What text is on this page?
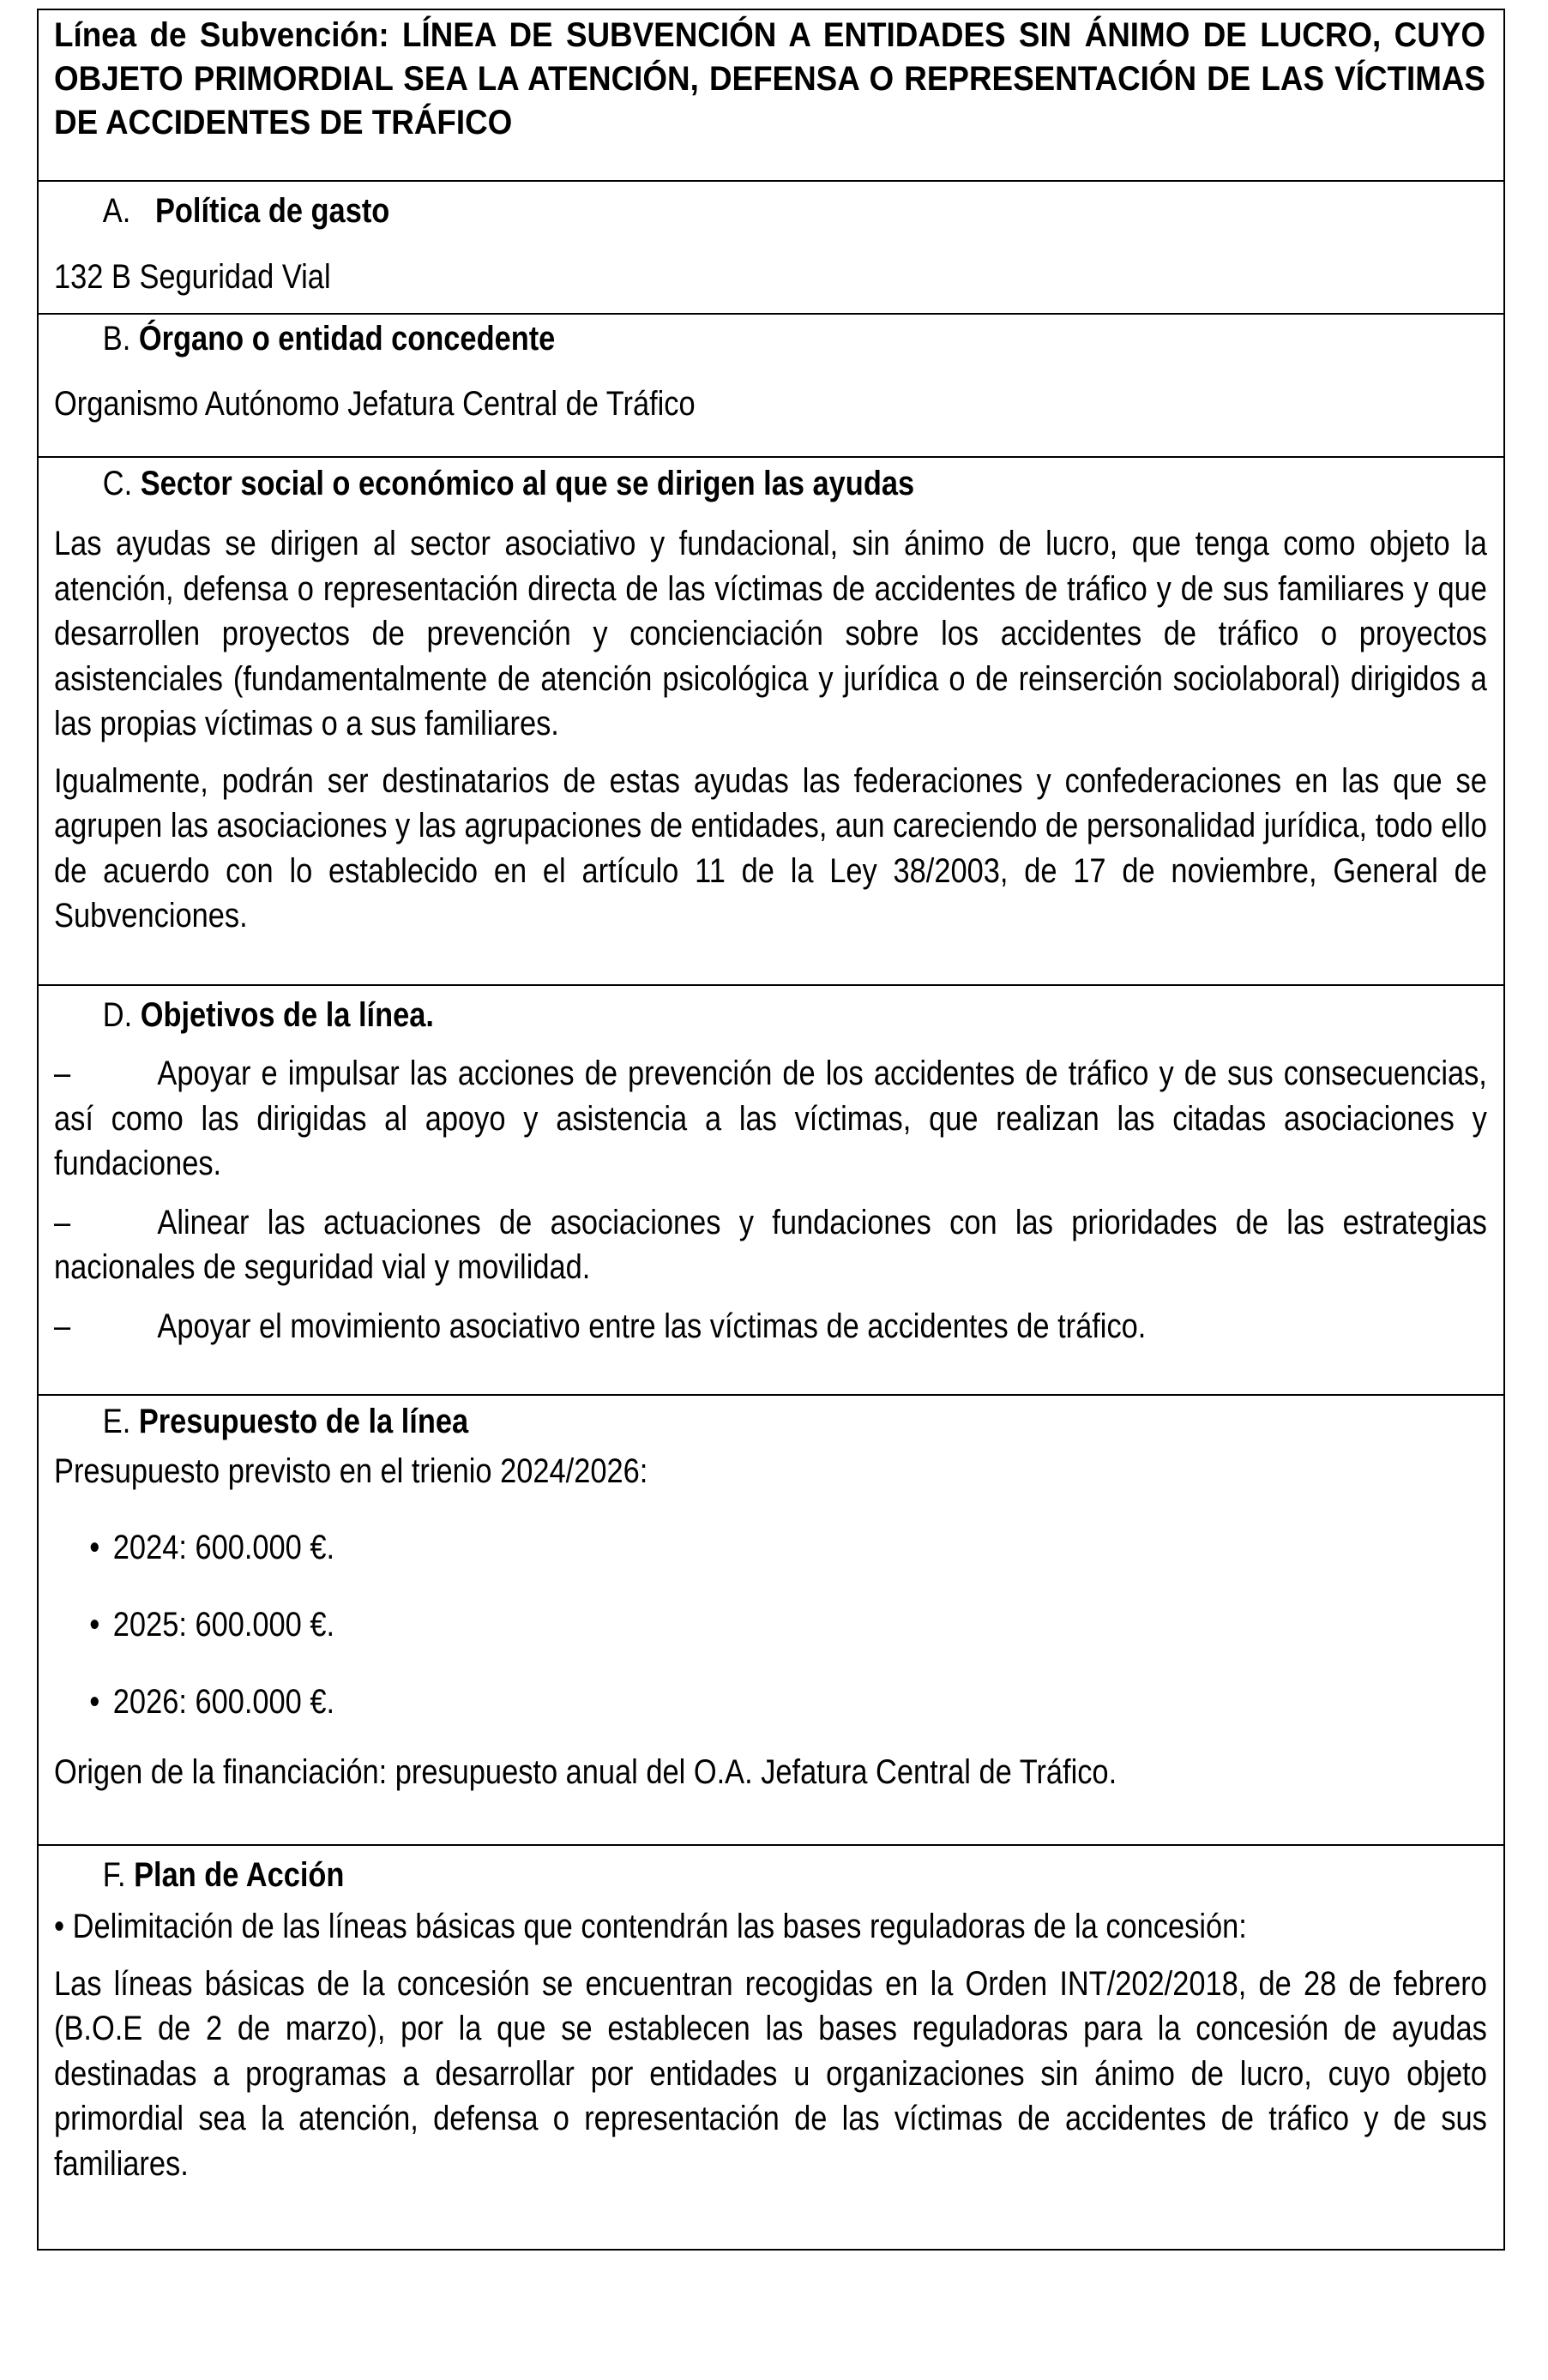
Línea de Subvención: LÍNEA DE SUBVENCIÓN A ENTIDADES SIN ÁNIMO DE LUCRO, CUYO OBJETO PRIMORDIAL SEA LA ATENCIÓN, DEFENSA O REPRESENTACIÓN DE LAS VÍCTIMAS DE ACCIDENTES DE TRÁFICO
A. Política de gasto
132 B Seguridad Vial
B. Órgano o entidad concedente
Organismo Autónomo Jefatura Central de Tráfico
C. Sector social o económico al que se dirigen las ayudas
Las ayudas se dirigen al sector asociativo y fundacional, sin ánimo de lucro, que tenga como objeto la atención, defensa o representación directa de las víctimas de accidentes de tráfico y de sus familiares y que desarrollen proyectos de prevención y concienciación sobre los accidentes de tráfico o proyectos asistenciales (fundamentalmente de atención psicológica y jurídica o de reinserción sociolaboral) dirigidos a las propias víctimas o a sus familiares.
Igualmente, podrán ser destinatarios de estas ayudas las federaciones y confederaciones en las que se agrupen las asociaciones y las agrupaciones de entidades, aun careciendo de personalidad jurídica, todo ello de acuerdo con lo establecido en el artículo 11 de la Ley 38/2003, de 17 de noviembre, General de Subvenciones.
D. Objetivos de la línea.
–	Apoyar e impulsar las acciones de prevención de los accidentes de tráfico y de sus consecuencias, así como las dirigidas al apoyo y asistencia a las víctimas, que realizan las citadas asociaciones y fundaciones.
–	Alinear las actuaciones de asociaciones y fundaciones con las prioridades de las estrategias nacionales de seguridad vial y movilidad.
–	Apoyar el movimiento asociativo entre las víctimas de accidentes de tráfico.
E. Presupuesto de la línea
Presupuesto previsto en el trienio 2024/2026:
• 2024: 600.000 €.
• 2025: 600.000 €.
• 2026: 600.000 €.
Origen de la financiación: presupuesto anual del O.A. Jefatura Central de Tráfico.
F. Plan de Acción
• Delimitación de las líneas básicas que contendrán las bases reguladoras de la concesión:
Las líneas básicas de la concesión se encuentran recogidas en la Orden INT/202/2018, de 28 de febrero (B.O.E de 2 de marzo), por la que se establecen las bases reguladoras para la concesión de ayudas destinadas a programas a desarrollar por entidades u organizaciones sin ánimo de lucro, cuyo objeto primordial sea la atención, defensa o representación de las víctimas de accidentes de tráfico y de sus familiares.
